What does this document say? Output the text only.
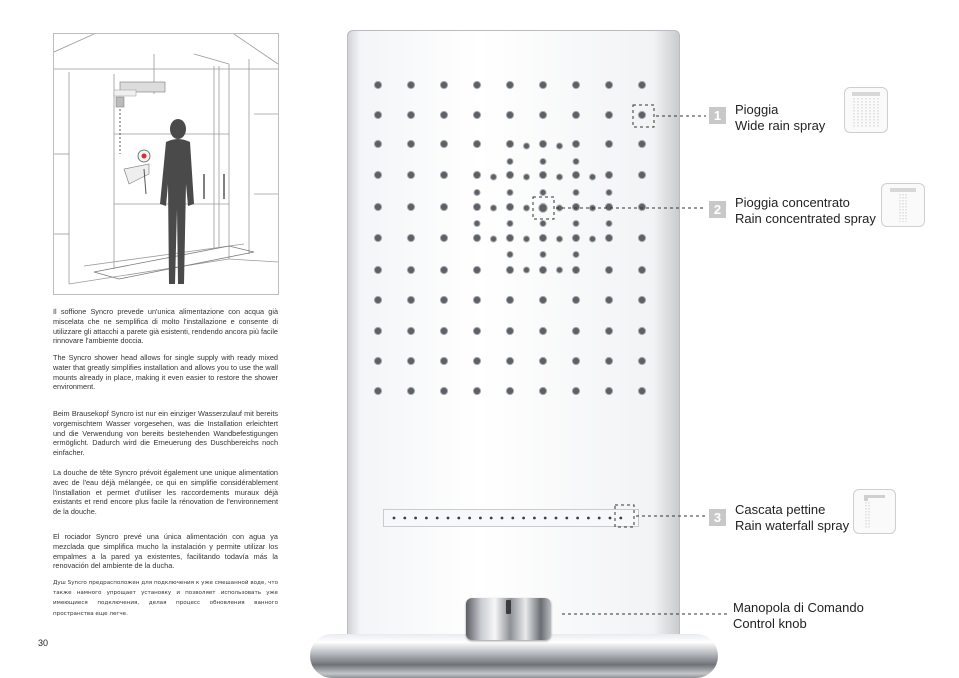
Il soffione Syncro prevede un'unica alimentazione con acqua già miscelata che ne semplifica di molto l'installazione e consente di utilizzare gli attacchi a parete già esistenti, rendendo ancora più facile rinnovare l'ambiente doccia.

The Syncro shower head allows for single supply with ready mixed water that greatly simplifies installation and allows you to use the wall mounts already in place, making it even easier to restore the shower environment.

Beim Brausekopf Syncro ist nur ein einziger Wasserzulauf mit bereits vorgemischtem Wasser vorgesehen, was die Installation erleichtert und die Verwendung von bereits bestehenden Wandbefestigungen ermöglicht. Dadurch wird die Erneuerung des Duschbereichs noch einfacher.

La douche de tête Syncro prévoit également une unique alimentation avec de l'eau déjà mélangée, ce qui en simplifie considérablement l'installation et permet d'utiliser les raccordements muraux déjà existants et rend encore plus facile la rénovation de l'environnement de la douche.

El rociador Syncro prevé una única alimentación con agua ya mezclada que simplifica mucho la instalación y permite utilizar los empalmes a la pared ya existentes, facilitando todavía más la renovación del ambiente de la ducha.

Душ Syncro предрасположен для подключения к уже смешанной воде, что также намного упрощает установку и позволяет использовать уже имеющиеся подключения, делая процесс обновления ванного пространства еще легче.

30
1	Pioggia
Wide rain spray
2	Pioggia concentrato
Rain concentrated spray
3
Cascata pettine
Rain waterfall spray
Manopola di Comando
Control knob
